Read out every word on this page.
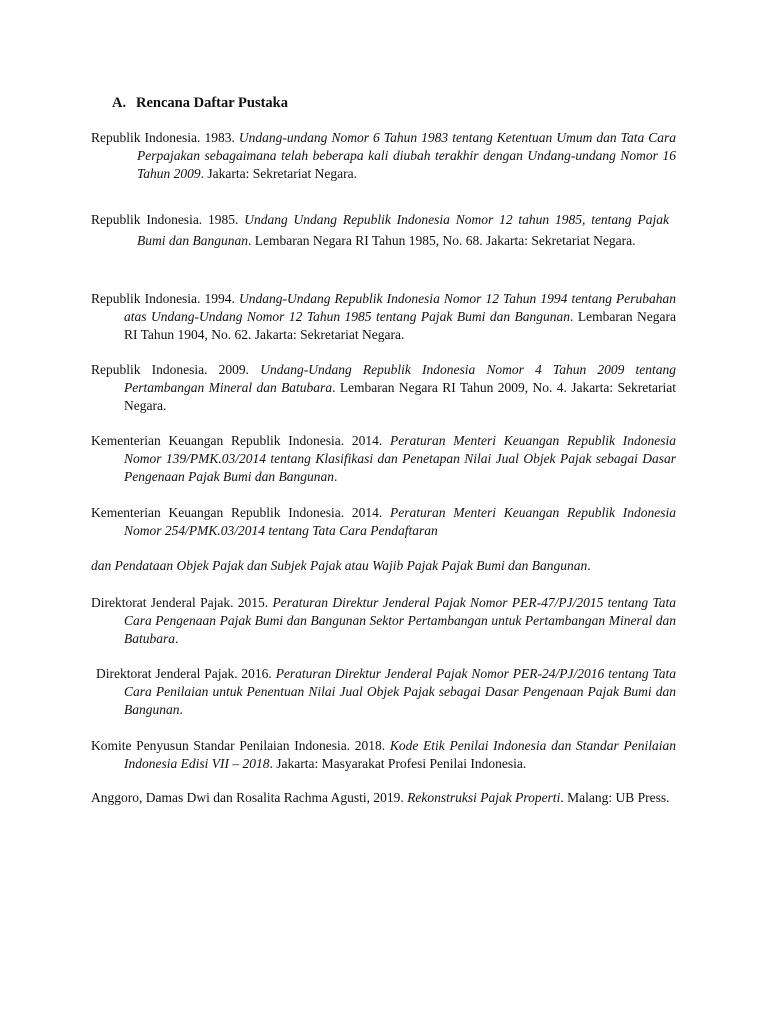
A. Rencana Daftar Pustaka

Republik Indonesia. 1983. Undang-undang Nomor 6 Tahun 1983 tentang Ketentuan Umum dan Tata Cara Perpajakan sebagaimana telah beberapa kali diubah terakhir dengan Undang-undang Nomor 16 Tahun 2009. Jakarta: Sekretariat Negara.

Republik Indonesia. 1985. Undang Undang Republik Indonesia Nomor 12 tahun 1985, tentang Pajak Bumi dan Bangunan. Lembaran Negara RI Tahun 1985, No. 68. Jakarta: Sekretariat Negara.

Republik Indonesia. 1994. Undang-Undang Republik Indonesia Nomor 12 Tahun 1994 tentang Perubahan atas Undang-Undang Nomor 12 Tahun 1985 tentang Pajak Bumi dan Bangunan. Lembaran Negara RI Tahun 1904, No. 62. Jakarta: Sekretariat Negara.

Republik Indonesia. 2009. Undang-Undang Republik Indonesia Nomor 4 Tahun 2009 tentang Pertambangan Mineral dan Batubara. Lembaran Negara RI Tahun 2009, No. 4. Jakarta: Sekretariat Negara.

Kementerian Keuangan Republik Indonesia. 2014. Peraturan Menteri Keuangan Republik Indonesia Nomor 139/PMK.03/2014 tentang Klasifikasi dan Penetapan Nilai Jual Objek Pajak sebagai Dasar Pengenaan Pajak Bumi dan Bangunan.

Kementerian Keuangan Republik Indonesia. 2014. Peraturan Menteri Keuangan Republik Indonesia Nomor 254/PMK.03/2014 tentang Tata Cara Pendaftaran

dan Pendataan Objek Pajak dan Subjek Pajak atau Wajib Pajak Pajak Bumi dan Bangunan.

Direktorat Jenderal Pajak. 2015. Peraturan Direktur Jenderal Pajak Nomor PER-47/PJ/2015 tentang Tata Cara Pengenaan Pajak Bumi dan Bangunan Sektor Pertambangan untuk Pertambangan Mineral dan Batubara.

Direktorat Jenderal Pajak. 2016. Peraturan Direktur Jenderal Pajak Nomor PER-24/PJ/2016 tentang Tata Cara Penilaian untuk Penentuan Nilai Jual Objek Pajak sebagai Dasar Pengenaan Pajak Bumi dan Bangunan.

Komite Penyusun Standar Penilaian Indonesia. 2018. Kode Etik Penilai Indonesia dan Standar Penilaian Indonesia Edisi VII – 2018. Jakarta: Masyarakat Profesi Penilai Indonesia.

Anggoro, Damas Dwi dan Rosalita Rachma Agusti, 2019. Rekonstruksi Pajak Properti. Malang: UB Press.
